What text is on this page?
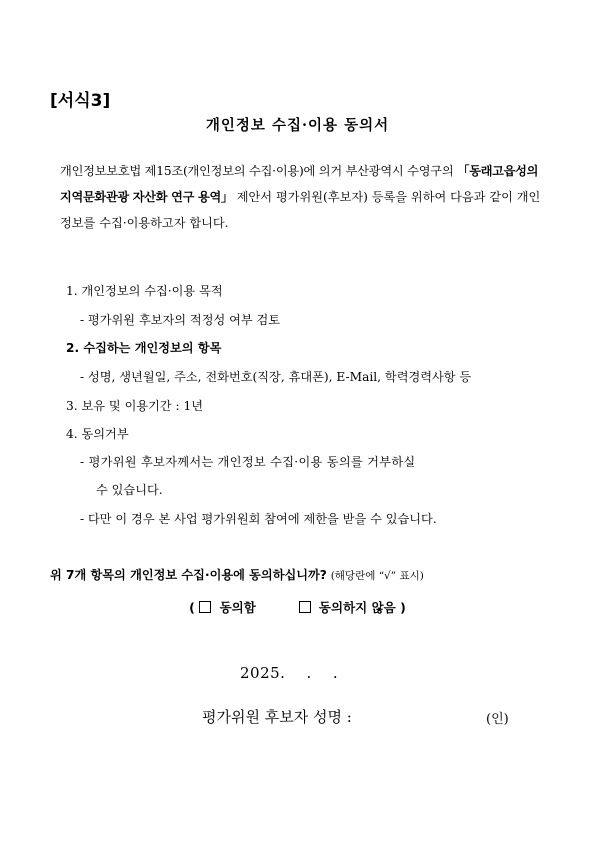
[서식3]
개인정보 수집·이용 동의서
개인정보보호법 제15조(개인정보의 수집·이용)에 의거 부산광역시 수영구의 「동래고읍성의 지역문화관광 자산화 연구 용역」 제안서 평가위원(후보자) 등록을 위하여 다음과 같이 개인정보를 수집·이용하고자 합니다.
1. 개인정보의 수집·이용 목적
- 평가위원 후보자의 적정성 여부 검토
2. 수집하는 개인정보의 항목
- 성명, 생년월일, 주소, 전화번호(직장, 휴대폰), E-Mail, 학력경력사항 등
3. 보유 및 이용기간 : 1년
4. 동의거부
- 평가위원 후보자께서는 개인정보 수집·이용 동의를 거부하실
수 있습니다.
- 다만 이 경우 본 사업 평가위원회 참여에 제한을 받을 수 있습니다.
위 7개 항목의 개인정보 수집·이용에 동의하십니까? (해당란에 “√” 표시)
( 동의함	동의하지 않음 )
2025.    .    .
평가위원 후보자 성명 :	(인)
